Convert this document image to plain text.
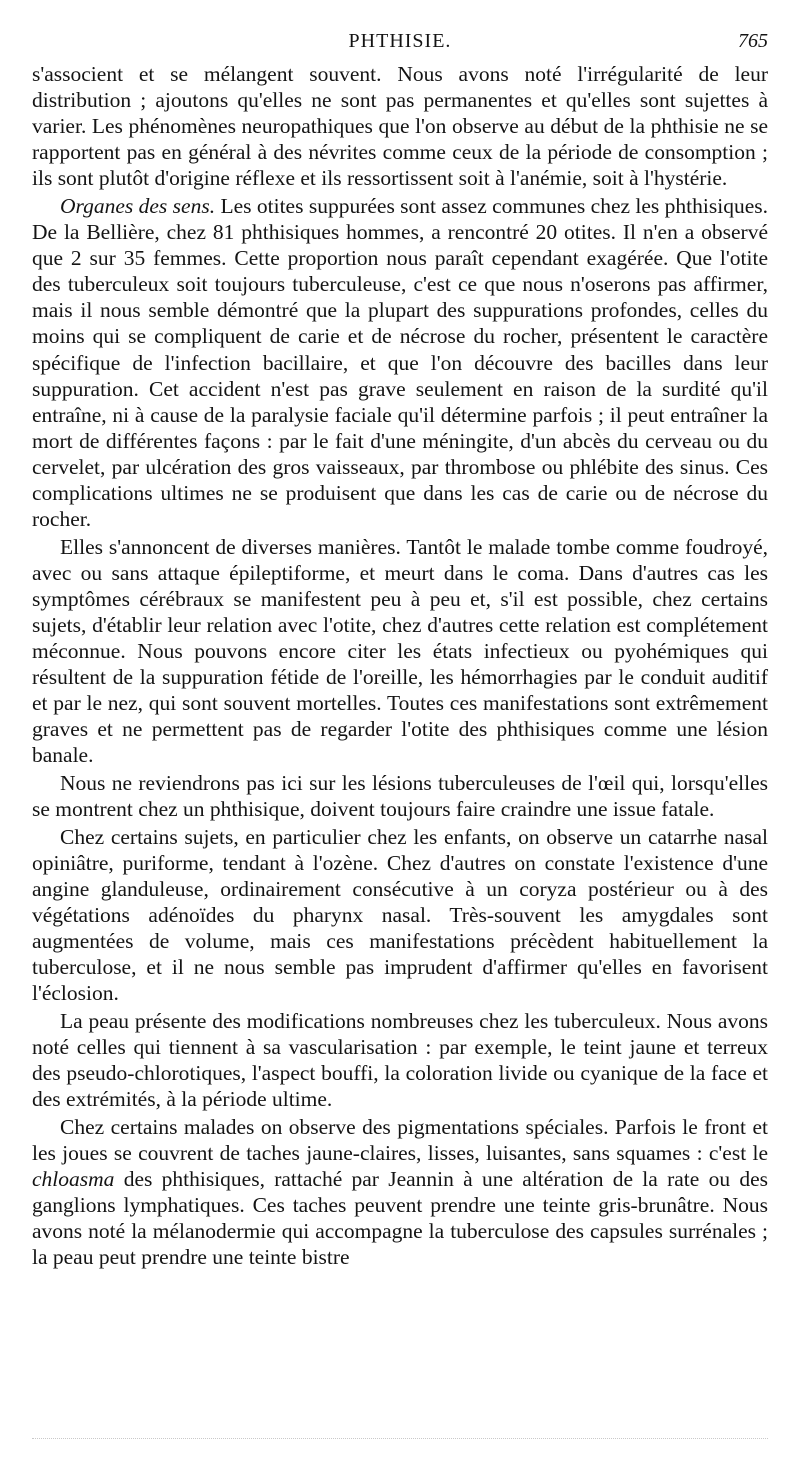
PHTHISIE.	765

s'associent et se mélangent souvent. Nous avons noté l'irrégularité de leur distribution ; ajoutons qu'elles ne sont pas permanentes et qu'elles sont sujettes à varier. Les phénomènes neuropathiques que l'on observe au début de la phthisie ne se rapportent pas en général à des névrites comme ceux de la période de consomption ; ils sont plutôt d'origine réflexe et ils ressortissent soit à l'anémie, soit à l'hystérie.

Organes des sens. Les otites suppurées sont assez communes chez les phthisiques. De la Bellière, chez 81 phthisiques hommes, a rencontré 20 otites. Il n'en a observé que 2 sur 35 femmes. Cette proportion nous paraît cependant exagérée. Que l'otite des tuberculeux soit toujours tuberculeuse, c'est ce que nous n'oserons pas affirmer, mais il nous semble démontré que la plupart des suppurations profondes, celles du moins qui se compliquent de carie et de nécrose du rocher, présentent le caractère spécifique de l'infection bacillaire, et que l'on découvre des bacilles dans leur suppuration. Cet accident n'est pas grave seulement en raison de la surdité qu'il entraîne, ni à cause de la paralysie faciale qu'il détermine parfois ; il peut entraîner la mort de différentes façons : par le fait d'une méningite, d'un abcès du cerveau ou du cervelet, par ulcération des gros vaisseaux, par thrombose ou phlébite des sinus. Ces complications ultimes ne se produisent que dans les cas de carie ou de nécrose du rocher.

Elles s'annoncent de diverses manières. Tantôt le malade tombe comme foudroyé, avec ou sans attaque épileptiforme, et meurt dans le coma. Dans d'autres cas les symptômes cérébraux se manifestent peu à peu et, s'il est possible, chez certains sujets, d'établir leur relation avec l'otite, chez d'autres cette relation est complétement méconnue. Nous pouvons encore citer les états infectieux ou pyohémiques qui résultent de la suppuration fétide de l'oreille, les hémorrhagies par le conduit auditif et par le nez, qui sont souvent mortelles. Toutes ces manifestations sont extrêmement graves et ne permettent pas de regarder l'otite des phthisiques comme une lésion banale.

Nous ne reviendrons pas ici sur les lésions tuberculeuses de l'œil qui, lorsqu'elles se montrent chez un phthisique, doivent toujours faire craindre une issue fatale.

Chez certains sujets, en particulier chez les enfants, on observe un catarrhe nasal opiniâtre, puriforme, tendant à l'ozène. Chez d'autres on constate l'existence d'une angine glanduleuse, ordinairement consécutive à un coryza postérieur ou à des végétations adénoïdes du pharynx nasal. Très-souvent les amygdales sont augmentées de volume, mais ces manifestations précèdent habituellement la tuberculose, et il ne nous semble pas imprudent d'affirmer qu'elles en favorisent l'éclosion.

La peau présente des modifications nombreuses chez les tuberculeux. Nous avons noté celles qui tiennent à sa vascularisation : par exemple, le teint jaune et terreux des pseudo-chlorotiques, l'aspect bouffi, la coloration livide ou cyanique de la face et des extrémités, à la période ultime.

Chez certains malades on observe des pigmentations spéciales. Parfois le front et les joues se couvrent de taches jaune-claires, lisses, luisantes, sans squames : c'est le chloasma des phthisiques, rattaché par Jeannin à une altération de la rate ou des ganglions lymphatiques. Ces taches peuvent prendre une teinte gris-brunâtre. Nous avons noté la mélanodermie qui accompagne la tuberculose des capsules surrénales ; la peau peut prendre une teinte bistre
